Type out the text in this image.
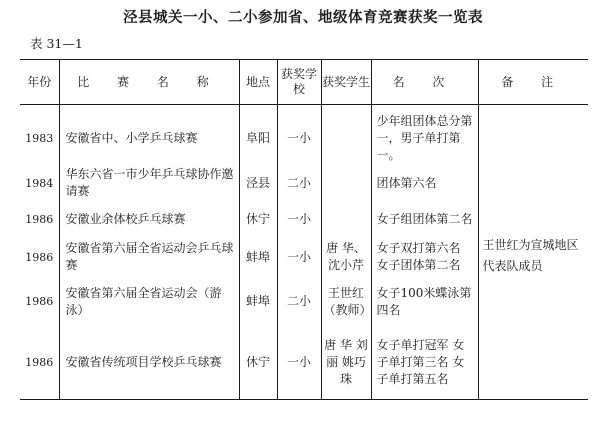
泾县城关一小、二小参加省、地级体育竞赛获奖一览表
表 31—1
年份	比 赛 名 称	地点	获奖学校	获奖学生	名 次	备 注
1983	安徽省中、小学乒乓球赛	阜阳	一小		少年组团体总分第一，男子单打第一。	王世红为宣城地区代表队成员
1984	华东六省一市少年乒乓球协作邀请赛	泾县	二小		团体第六名	
1986	安徽业余体校乒乓球赛	休宁	一小		女子组团体第二名	
1986	安徽省第六届全省运动会乒乓球赛	蚌埠	一小	唐 华、沈小芹	女子双打第六名 女子团体第二名	
1986	安徽省第六届全省运动会（游泳）	蚌埠	二小	王世红（教师）	女子100米蝶泳第四名	
1986	安徽省传统项目学校乒乓球赛	休宁	一小	唐 华 刘 丽 姚巧珠	女子单打冠军 女子单打第三名 女子单打第五名	
